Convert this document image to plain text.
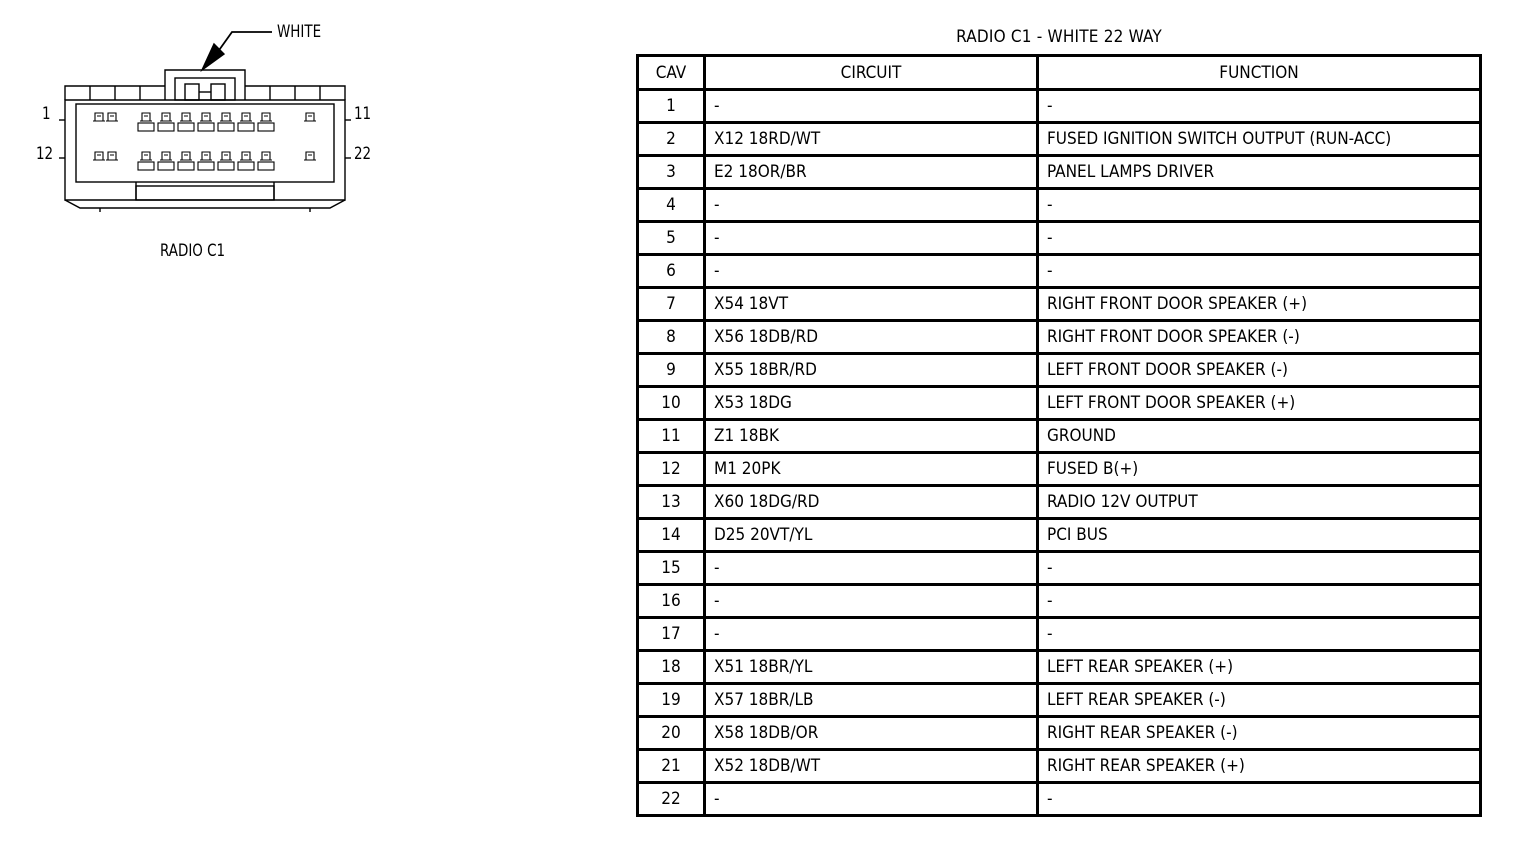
WHITE
1
12
11
22
RADIO C1
RADIO C1 - WHITE 22 WAY
CAV	CIRCUIT	FUNCTION
1	-	-
2	X12 18RD/WT	FUSED IGNITION SWITCH OUTPUT (RUN-ACC)
3	E2 18OR/BR	PANEL LAMPS DRIVER
4	-	-
5	-	-
6	-	-
7	X54 18VT	RIGHT FRONT DOOR SPEAKER (+)
8	X56 18DB/RD	RIGHT FRONT DOOR SPEAKER (-)
9	X55 18BR/RD	LEFT FRONT DOOR SPEAKER (-)
10	X53 18DG	LEFT FRONT DOOR SPEAKER (+)
11	Z1 18BK	GROUND
12	M1 20PK	FUSED B(+)
13	X60 18DG/RD	RADIO 12V OUTPUT
14	D25 20VT/YL	PCI BUS
15	-	-
16	-	-
17	-	-
18	X51 18BR/YL	LEFT REAR SPEAKER (+)
19	X57 18BR/LB	LEFT REAR SPEAKER (-)
20	X58 18DB/OR	RIGHT REAR SPEAKER (-)
21	X52 18DB/WT	RIGHT REAR SPEAKER (+)
22	-	-
